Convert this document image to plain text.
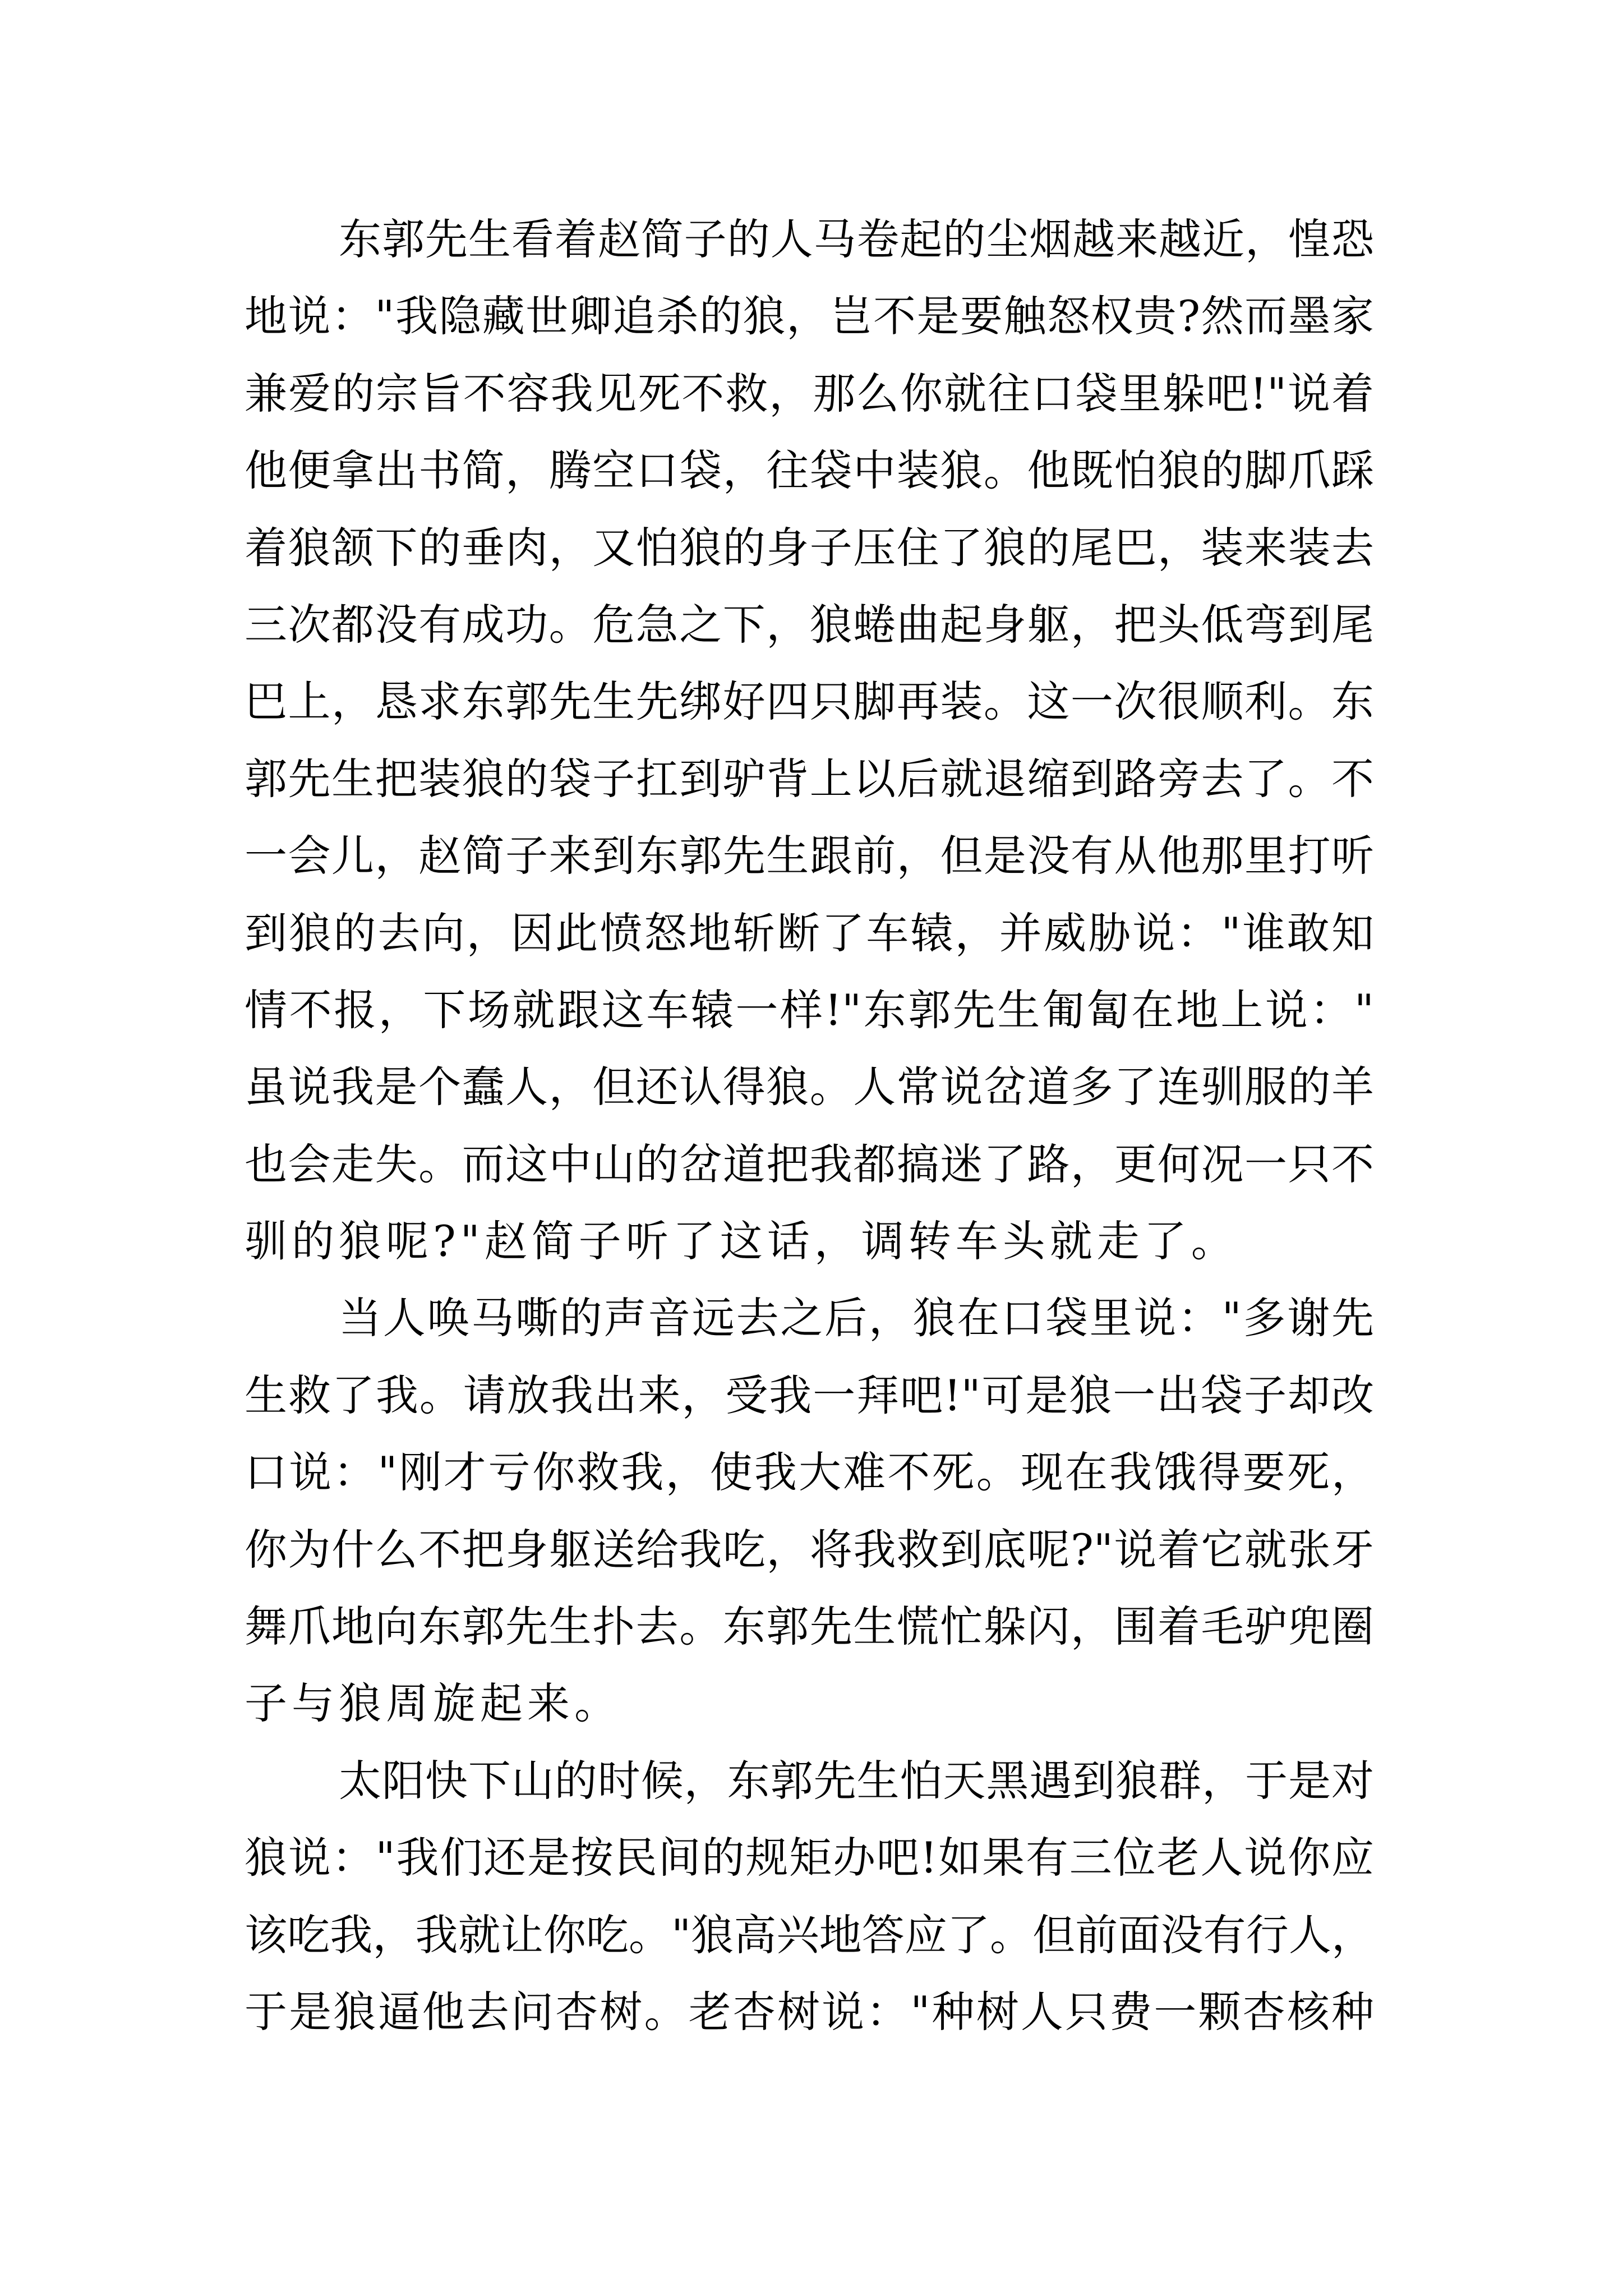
东郭先生看着赵简子的人马卷起的尘烟越来越近，惶恐
地说："我隐藏世卿追杀的狼，岂不是要触怒权贵?然而墨家
兼爱的宗旨不容我见死不救，那么你就往口袋里躲吧!"说着
他便拿出书简，腾空口袋，往袋中装狼。他既怕狼的脚爪踩
着狼颔下的垂肉，又怕狼的身子压住了狼的尾巴，装来装去
三次都没有成功。危急之下，狼蜷曲起身躯，把头低弯到尾
巴上，恳求东郭先生先绑好四只脚再装。这一次很顺利。东
郭先生把装狼的袋子扛到驴背上以后就退缩到路旁去了。不
一会儿，赵简子来到东郭先生跟前，但是没有从他那里打听
到狼的去向，因此愤怒地斩断了车辕，并威胁说："谁敢知
情不报，下场就跟这车辕一样!"东郭先生匍匐在地上说："
虽说我是个蠢人，但还认得狼。人常说岔道多了连驯服的羊
也会走失。而这中山的岔道把我都搞迷了路，更何况一只不
驯的狼呢?"赵简子听了这话，调转车头就走了。
当人唤马嘶的声音远去之后，狼在口袋里说："多谢先
生救了我。请放我出来，受我一拜吧!"可是狼一出袋子却改
口说："刚才亏你救我，使我大难不死。现在我饿得要死，
你为什么不把身躯送给我吃，将我救到底呢?"说着它就张牙
舞爪地向东郭先生扑去。东郭先生慌忙躲闪，围着毛驴兜圈
子与狼周旋起来。
太阳快下山的时候，东郭先生怕天黑遇到狼群，于是对
狼说："我们还是按民间的规矩办吧!如果有三位老人说你应
该吃我，我就让你吃。"狼高兴地答应了。但前面没有行人，
于是狼逼他去问杏树。老杏树说："种树人只费一颗杏核种
